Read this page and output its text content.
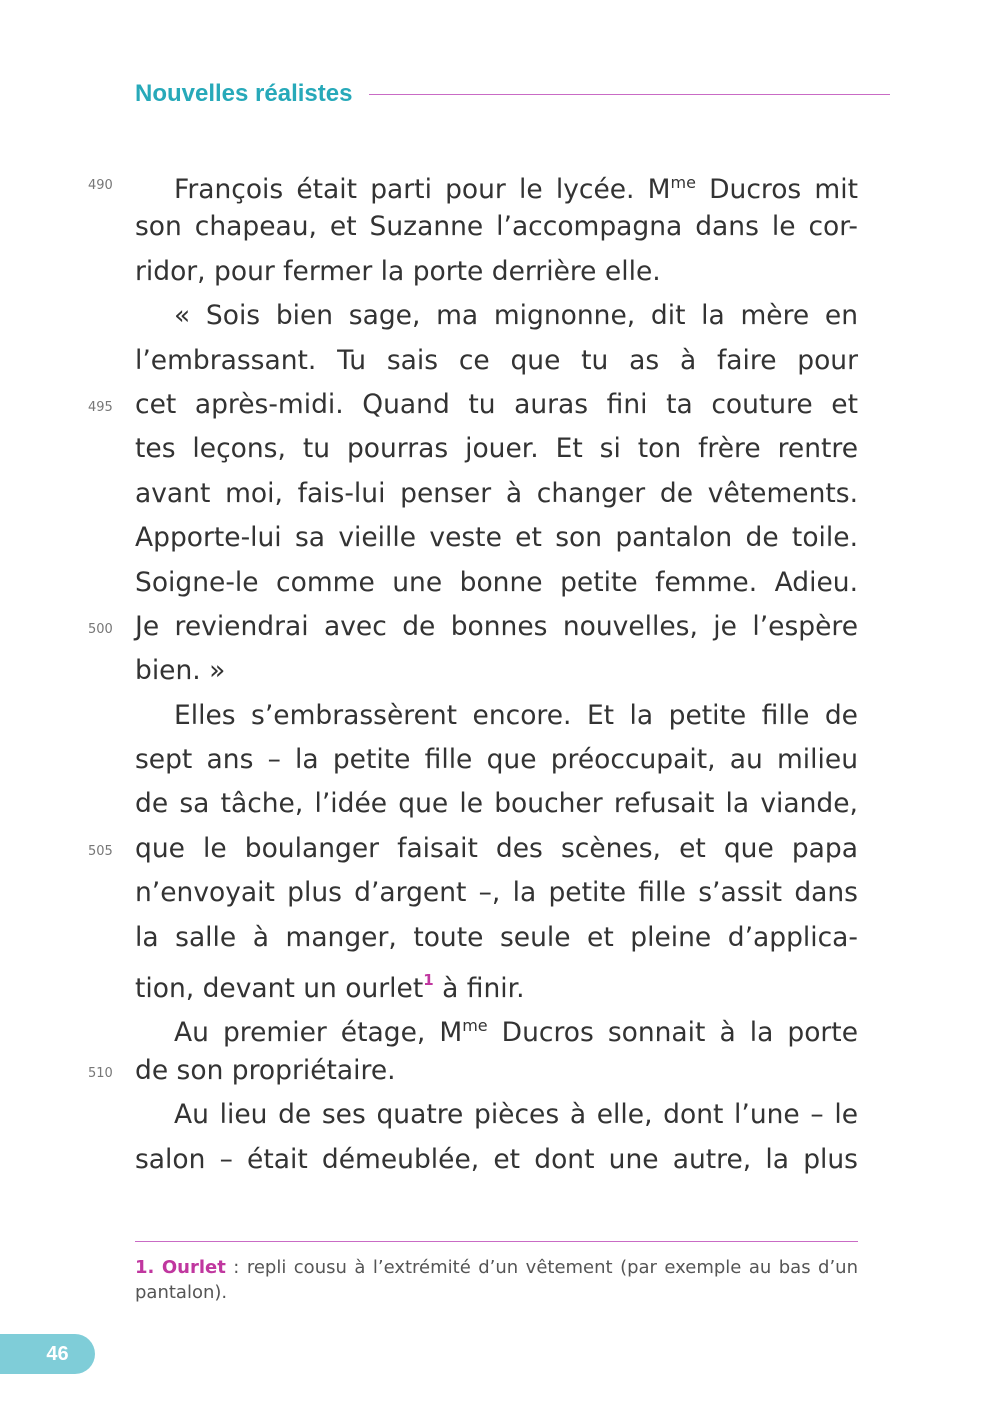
Nouvelles réalistes
490
495
500
505
510
François était parti pour le lycée. $M^{me}$ Ducros mit
son chapeau, et Suzanne l’accompagna dans le cor-
ridor, pour fermer la porte derrière elle.
« Sois bien sage, ma mignonne, dit la mère en
l’embrassant. Tu sais ce que tu as à faire pour
cet après-midi. Quand tu auras fini ta couture et
tes leçons, tu pourras jouer. Et si ton frère rentre
avant moi, fais-lui penser à changer de vêtements.
Apporte-lui sa vieille veste et son pantalon de toile.
Soigne-le comme une bonne petite femme. Adieu.
Je reviendrai avec de bonnes nouvelles, je l’espère
bien. »
Elles s’embrassèrent encore. Et la petite fille de
sept ans – la petite fille que préoccupait, au milieu
de sa tâche, l’idée que le boucher refusait la viande,
que le boulanger faisait des scènes, et que papa
n’envoyait plus d’argent –, la petite fille s’assit dans
la salle à manger, toute seule et pleine d’applica-
tion, devant un ourlet$^1$ à finir.
Au premier étage, $M^{me}$ Ducros sonnait à la porte
de son propriétaire.
Au lieu de ses quatre pièces à elle, dont l’une – le
salon – était démeublée, et dont une autre, la plus
1. Ourlet : repli cousu à l’extrémité d’un vêtement (par exemple au bas d’un
pantalon).
46
